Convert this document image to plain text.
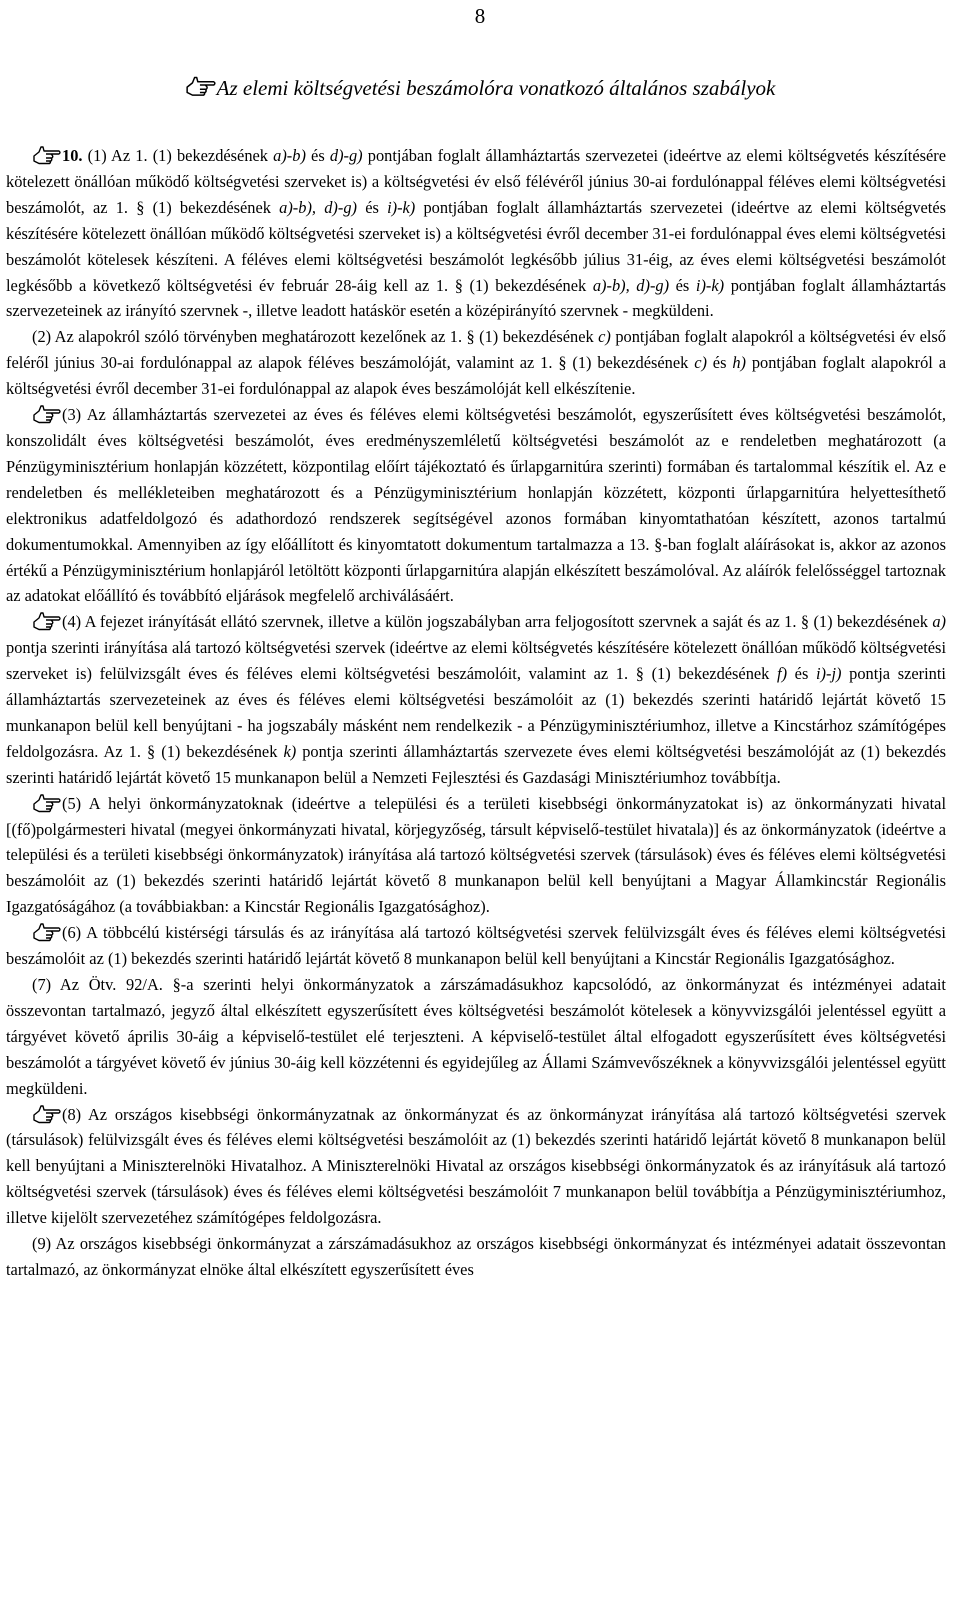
8
Az elemi költségvetési beszámolóra vonatkozó általános szabályok

10. (1) Az 1. (1) bekezdésének a)-b) és d)-g) pontjában foglalt államháztartás szervezetei (ideértve az elemi költségvetés készítésére kötelezett önállóan működő költségvetési szerveket is) a költségvetési év első félévéről június 30-ai fordulónappal féléves elemi költségvetési beszámolót, az 1. § (1) bekezdésének a)-b), d)-g) és i)-k) pontjában foglalt államháztartás szervezetei (ideértve az elemi költségvetés készítésére kötelezett önállóan működő költségvetési szerveket is) a költségvetési évről december 31-ei fordulónappal éves elemi költségvetési beszámolót kötelesek készíteni. A féléves elemi költségvetési beszámolót legkésőbb július 31-éig, az éves elemi költségvetési beszámolót legkésőbb a következő költségvetési év február 28-áig kell az 1. § (1) bekezdésének a)-b), d)-g) és i)-k) pontjában foglalt államháztartás szervezeteinek az irányító szervnek -, illetve leadott hatáskör esetén a középirányító szervnek - megküldeni.

(2) Az alapokról szóló törvényben meghatározott kezelőnek az 1. § (1) bekezdésének c) pontjában foglalt alapokról a költségvetési év első feléről június 30-ai fordulónappal az alapok féléves beszámolóját, valamint az 1. § (1) bekezdésének c) és h) pontjában foglalt alapokról a költségvetési évről december 31-ei fordulónappal az alapok éves beszámolóját kell elkészítenie.

(3) Az államháztartás szervezetei az éves és féléves elemi költségvetési beszámolót, egyszerűsített éves költségvetési beszámolót, konszolidált éves költségvetési beszámolót, éves eredményszemléletű költségvetési beszámolót az e rendeletben meghatározott (a Pénzügyminisztérium honlapján közzétett, központilag előírt tájékoztató és űrlapgarnitúra szerinti) formában és tartalommal készítik el. Az e rendeletben és mellékleteiben meghatározott és a Pénzügyminisztérium honlapján közzétett, központi űrlapgarnitúra helyettesíthető elektronikus adatfeldolgozó és adathordozó rendszerek segítségével azonos formában kinyomtathatóan készített, azonos tartalmú dokumentumokkal. Amennyiben az így előállított és kinyomtatott dokumentum tartalmazza a 13. §-ban foglalt aláírásokat is, akkor az azonos értékű a Pénzügyminisztérium honlapjáról letöltött központi űrlapgarnitúra alapján elkészített beszámolóval. Az aláírók felelősséggel tartoznak az adatokat előállító és továbbító eljárások megfelelő archiválásáért.

(4) A fejezet irányítását ellátó szervnek, illetve a külön jogszabályban arra feljogosított szervnek a saját és az 1. § (1) bekezdésének a) pontja szerinti irányítása alá tartozó költségvetési szervek (ideértve az elemi költségvetés készítésére kötelezett önállóan működő költségvetési szerveket is) felülvizsgált éves és féléves elemi költségvetési beszámolóit, valamint az 1. § (1) bekezdésének f) és i)-j) pontja szerinti államháztartás szervezeteinek az éves és féléves elemi költségvetési beszámolóit az (1) bekezdés szerinti határidő lejártát követő 15 munkanapon belül kell benyújtani - ha jogszabály másként nem rendelkezik - a Pénzügyminisztériumhoz, illetve a Kincstárhoz számítógépes feldolgozásra. Az 1. § (1) bekezdésének k) pontja szerinti államháztartás szervezete éves elemi költségvetési beszámolóját az (1) bekezdés szerinti határidő lejártát követő 15 munkanapon belül a Nemzeti Fejlesztési és Gazdasági Minisztériumhoz továbbítja.

(5) A helyi önkormányzatoknak (ideértve a települési és a területi kisebbségi önkormányzatokat is) az önkormányzati hivatal [(fő)polgármesteri hivatal (megyei önkormányzati hivatal, körjegyzőség, társult képviselő-testület hivatala)] és az önkormányzatok (ideértve a települési és a területi kisebbségi önkormányzatok) irányítása alá tartozó költségvetési szervek (társulások) éves és féléves elemi költségvetési beszámolóit az (1) bekezdés szerinti határidő lejártát követő 8 munkanapon belül kell benyújtani a Magyar Államkincstár Regionális Igazgatóságához (a továbbiakban: a Kincstár Regionális Igazgatósághoz).

(6) A többcélú kistérségi társulás és az irányítása alá tartozó költségvetési szervek felülvizsgált éves és féléves elemi költségvetési beszámolóit az (1) bekezdés szerinti határidő lejártát követő 8 munkanapon belül kell benyújtani a Kincstár Regionális Igazgatósághoz.

(7) Az Ötv. 92/A. §-a szerinti helyi önkormányzatok a zárszámadásukhoz kapcsolódó, az önkormányzat és intézményei adatait összevontan tartalmazó, jegyző által elkészített egyszerűsített éves költségvetési beszámolót kötelesek a könyvvizsgálói jelentéssel együtt a tárgyévet követő április 30-áig a képviselő-testület elé terjeszteni. A képviselő-testület által elfogadott egyszerűsített éves költségvetési beszámolót a tárgyévet követő év június 30-áig kell közzétenni és egyidejűleg az Állami Számvevőszéknek a könyvvizsgálói jelentéssel együtt megküldeni.

(8) Az országos kisebbségi önkormányzatnak az önkormányzat és az önkormányzat irányítása alá tartozó költségvetési szervek (társulások) felülvizsgált éves és féléves elemi költségvetési beszámolóit az (1) bekezdés szerinti határidő lejártát követő 8 munkanapon belül kell benyújtani a Miniszterelnöki Hivatalhoz. A Miniszterelnöki Hivatal az országos kisebbségi önkormányzatok és az irányításuk alá tartozó költségvetési szervek (társulások) éves és féléves elemi költségvetési beszámolóit 7 munkanapon belül továbbítja a Pénzügyminisztériumhoz, illetve kijelölt szervezetéhez számítógépes feldolgozásra.

(9) Az országos kisebbségi önkormányzat a zárszámadásukhoz az országos kisebbségi önkormányzat és intézményei adatait összevontan tartalmazó, az önkormányzat elnöke által elkészített egyszerűsített éves
